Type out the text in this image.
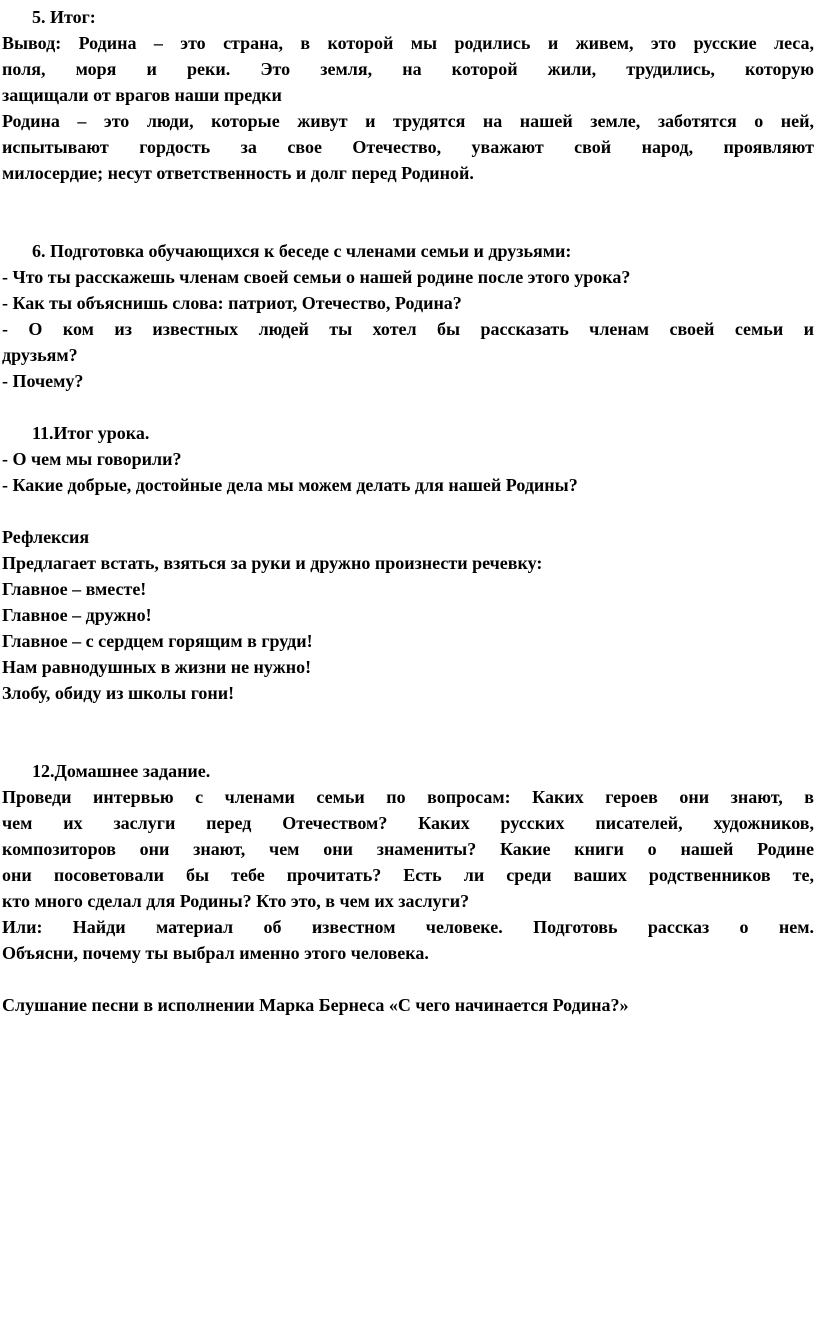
5. Итог:
Вывод: Родина – это страна, в которой мы родились и живем, это русские леса,
поля, моря и реки. Это земля, на которой жили, трудились, которую
защищали от врагов наши предки
Родина – это люди, которые живут и трудятся на нашей земле, заботятся о ней,
испытывают гордость за свое Отечество, уважают свой народ, проявляют
милосердие; несут ответственность и долг перед Родиной.
6. Подготовка обучающихся к беседе с членами семьи и друзьями:
- Что ты расскажешь членам своей семьи о нашей родине после этого урока?
- Как ты объяснишь слова: патриот, Отечество, Родина?
- О ком из известных людей ты хотел бы рассказать членам своей семьи и
друзьям?
- Почему?
11.Итог урока.
- О чем мы говорили?
- Какие добрые, достойные дела мы можем делать для нашей Родины?
Рефлексия
Предлагает встать, взяться за руки и дружно произнести речевку:
Главное – вместе!
Главное – дружно!
Главное – с сердцем горящим в груди!
Нам равнодушных в жизни не нужно!
Злобу, обиду из школы гони!
12.Домашнее задание.
Проведи интервью с членами семьи по вопросам: Каких героев они знают, в
чем их заслуги перед Отечеством? Каких русских писателей, художников,
композиторов они знают, чем они знамениты? Какие книги о нашей Родине
они посоветовали бы тебе прочитать? Есть ли среди ваших родственников те,
кто много сделал для Родины? Кто это, в чем их заслуги?
Или: Найди материал об известном человеке. Подготовь рассказ о нем.
Объясни, почему ты выбрал именно этого человека.
Слушание песни в исполнении Марка Бернеса «С чего начинается Родина?»
